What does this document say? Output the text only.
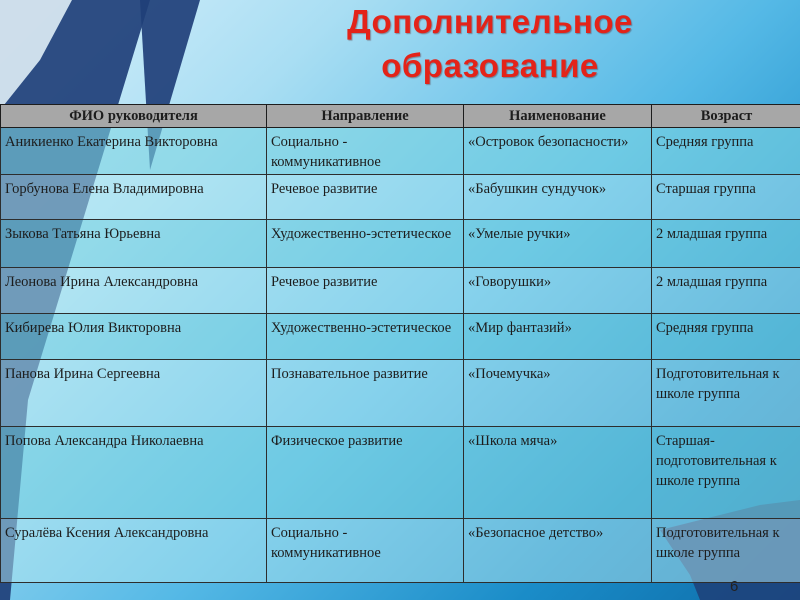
Дополнительное
образование
ФИО руководителя	Направление	Наименование	Возраст
Аникиенко Екатерина Викторовна	Социально - коммуникативное	«Островок безопасности»	Средняя группа
Горбунова Елена Владимировна	Речевое развитие	«Бабушкин сундучок»	Старшая группа
Зыкова Татьяна Юрьевна	Художественно-эстетическое	«Умелые ручки»	2 младшая группа
Леонова Ирина Александровна	Речевое развитие	«Говорушки»	2 младшая группа
Кибирева Юлия Викторовна	Художественно-эстетическое	«Мир фантазий»	Средняя группа
Панова Ирина Сергеевна	Познавательное развитие	«Почемучка»	Подготовительная к школе группа
Попова Александра Николаевна	Физическое развитие	«Школа мяча»	Старшая-подготовительная к школе группа
Суралёва Ксения Александровна	Социально - коммуникативное	«Безопасное детство»	Подготовительная к школе группа
6
